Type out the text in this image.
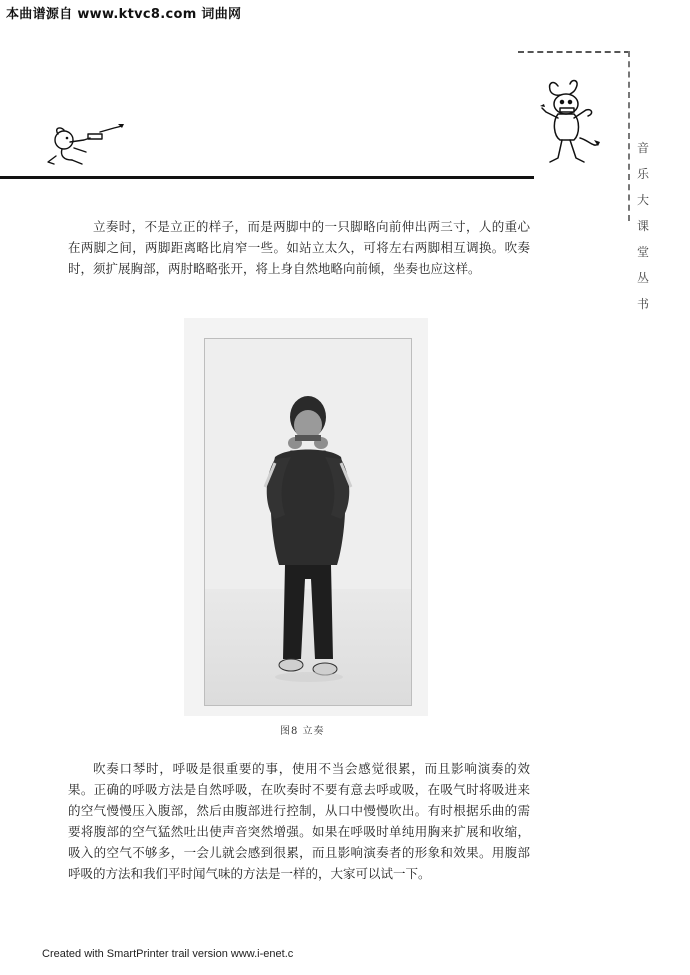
本曲谱源自 www.ktvc8.com 词曲网
音
乐
大
课
堂
丛
书

立奏时，不是立正的样子，而是两脚中的一只脚略向前伸出两三寸，人的重心在两脚之间，两脚距离略比肩窄一些。如站立太久，可将左右两脚相互调换。吹奏时，须扩展胸部，两肘略略张开，将上身自然地略向前倾，坐奏也应这样。

图8 立奏

吹奏口琴时，呼吸是很重要的事，使用不当会感觉很累，而且影响演奏的效果。正确的呼吸方法是自然呼吸，在吹奏时不要有意去呼或吸，在吸气时将吸进来的空气慢慢压入腹部，然后由腹部进行控制，从口中慢慢吹出。有时根据乐曲的需要将腹部的空气猛然吐出使声音突然增强。如果在呼吸时单纯用胸来扩展和收缩，吸入的空气不够多，一会儿就会感到很累，而且影响演奏者的形象和效果。用腹部呼吸的方法和我们平时闻气味的方法是一样的，大家可以试一下。

Created with SmartPrinter trail version www.i-enet.c
